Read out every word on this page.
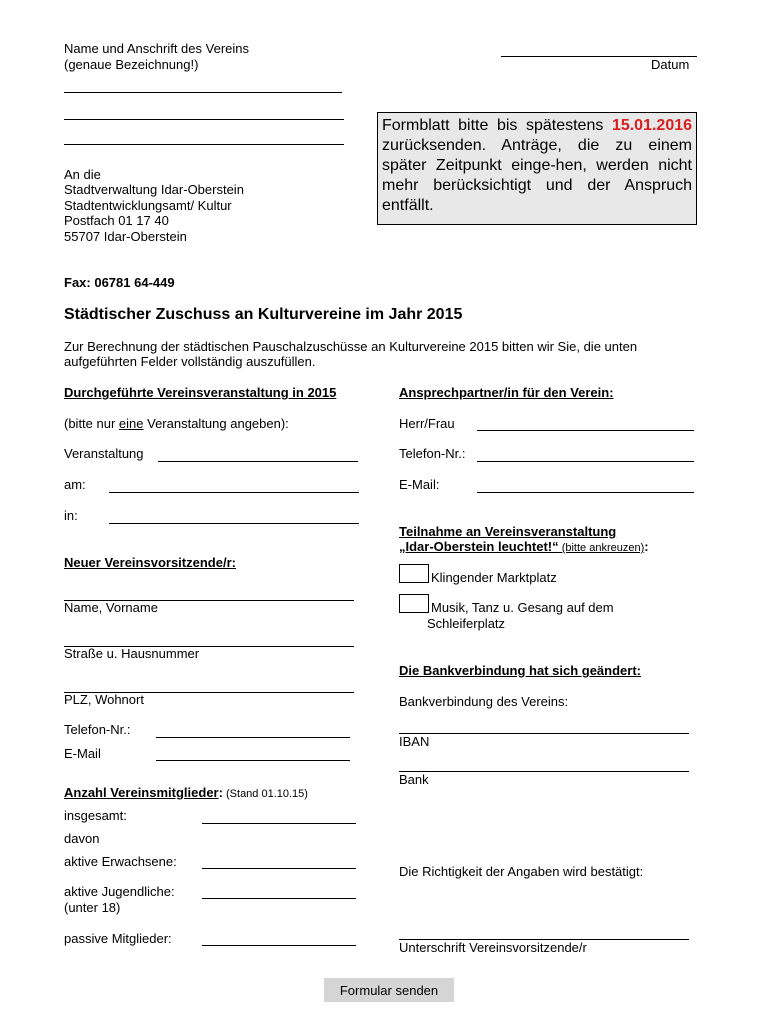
Name und Anschrift des Vereins
(genaue Bezeichnung!)	Datum
An die
Stadtverwaltung Idar-Oberstein
Stadtentwicklungsamt/ Kultur
Postfach 01 17 40
55707 Idar-Oberstein
Formblatt bitte bis spätestens 15.01.2016 zurücksenden. Anträge, die zu einem später Zeitpunkt einge-hen, werden nicht mehr berücksichtigt und der Anspruch entfällt.
Fax: 06781 64-449
Städtischer Zuschuss an Kulturvereine im Jahr 2015
Zur Berechnung der städtischen Pauschalzuschüsse an Kulturvereine 2015 bitten wir Sie, die unten aufgeführten Felder vollständig auszufüllen.
Durchgeführte Vereinsveranstaltung in 2015
(bitte nur eine Veranstaltung angeben):
Veranstaltung
am:
in:
Ansprechpartner/in für den Verein:
Herr/Frau
Telefon-Nr.:
E-Mail:
Teilnahme an Vereinsveranstaltung
„Idar-Oberstein leuchtet!“ (bitte ankreuzen):
Klingender Marktplatz
Musik, Tanz u. Gesang auf dem
Schleiferplatz
Neuer Vereinsvorsitzende/r:
Name, Vorname
Straße u. Hausnummer
PLZ, Wohnort
Telefon-Nr.:
E-Mail
Die Bankverbindung hat sich geändert:
Bankverbindung des Vereins:
IBAN
Bank
Anzahl Vereinsmitglieder: (Stand 01.10.15)
insgesamt:
davon
aktive Erwachsene:
aktive Jugendliche:
(unter 18)
passive Mitglieder:
Die Richtigkeit der Angaben wird bestätigt:
Unterschrift Vereinsvorsitzende/r
Formular senden
